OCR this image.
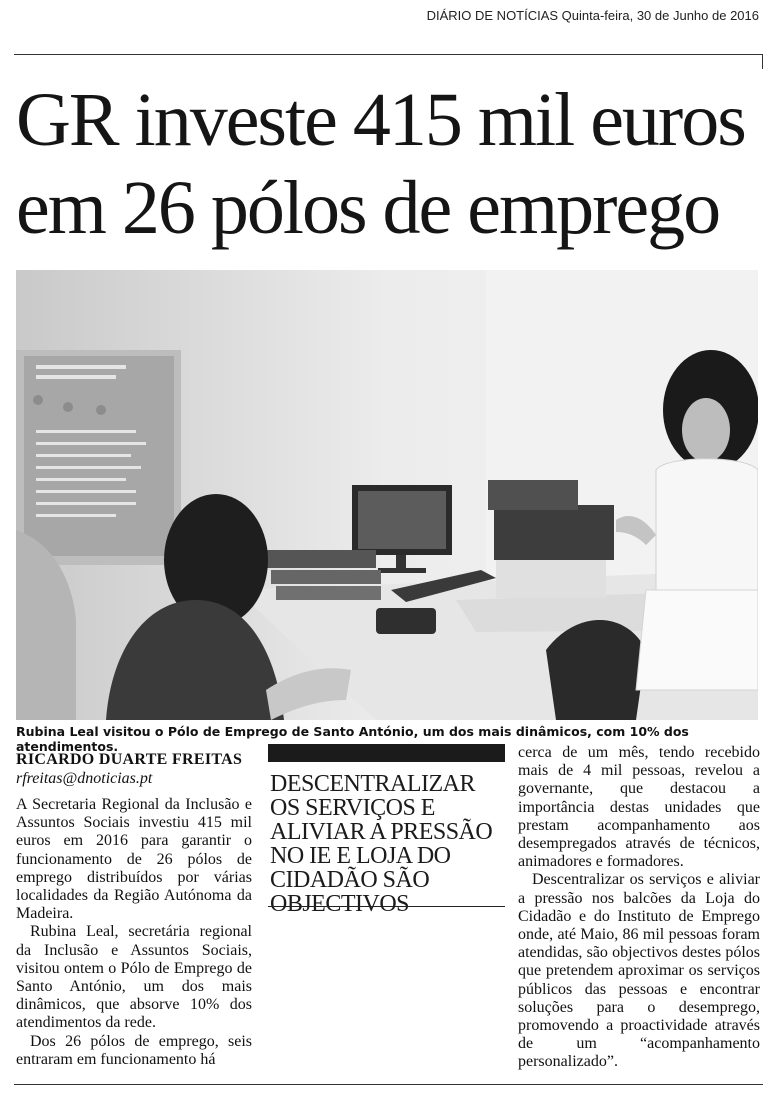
DIÁRIO DE NOTÍCIAS Quinta-feira, 30 de Junho de 2016
GR investe 415 mil euros
em 26 pólos de emprego
Rubina Leal visitou o Pólo de Emprego de Santo António, um dos mais dinâmicos, com 10% dos atendimentos.
RICARDO DUARTE FREITAS
rfreitas@dnoticias.pt

A Secretaria Regional da Inclusão e Assuntos Sociais investiu 415 mil euros em 2016 para garantir o funcionamento de 26 pólos de emprego distribuídos por várias localidades da Região Autónoma da Madeira.

Rubina Leal, secretária regional da Inclusão e Assuntos Sociais, visitou ontem o Pólo de Emprego de Santo António, um dos mais dinâmicos, que absorve 10% dos atendimentos da rede.

Dos 26 pólos de emprego, seis entraram em funcionamento há

DESCENTRALIZAR OS SERVIÇOS E ALIVIAR A PRESSÃO NO IE E LOJA DO CIDADÃO SÃO OBJECTIVOS

cerca de um mês, tendo recebido mais de 4 mil pessoas, revelou a governante, que destacou a importância destas unidades que prestam acompanhamento aos desempregados através de técnicos, animadores e formadores.

Descentralizar os serviços e aliviar a pressão nos balcões da Loja do Cidadão e do Instituto de Emprego onde, até Maio, 86 mil pessoas foram atendidas, são objectivos destes pólos que pretendem aproximar os serviços públicos das pessoas e encontrar soluções para o desemprego, promovendo a proactividade através de um “acompanhamento personalizado”.
